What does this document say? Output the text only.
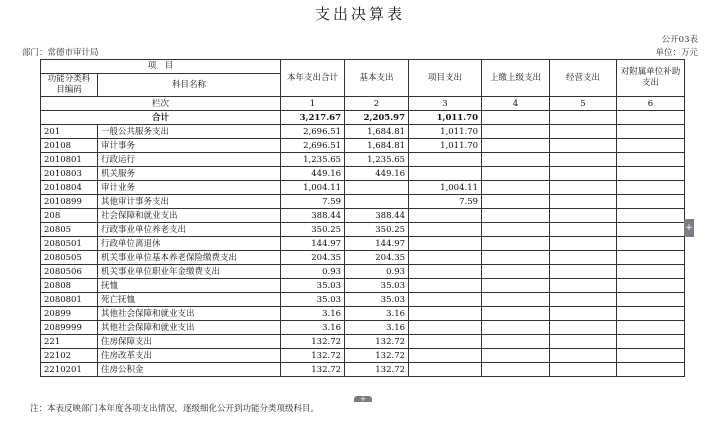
支出决算表
公开03表
部门：常德市审计局	单位：万元
项　目		本年支出合计	基本支出	项目支出	上缴上级支出	经营支出	对附属单位补助支出
功能分类科目编码	科目名称						
栏次		1	2	3	4	5	6
合计		3,217.67	2,205.97	1,011.70			
201	一般公共服务支出	2,696.51	1,684.81	1,011.70			
20108	审计事务	2,696.51	1,684.81	1,011.70			
2010801	行政运行	1,235.65	1,235.65				
2010803	机关服务	449.16	449.16				
2010804	审计业务	1,004.11		1,004.11			
2010899	其他审计事务支出	7.59		7.59			
208	社会保障和就业支出	388.44	388.44				
20805	行政事业单位养老支出	350.25	350.25				
2080501	行政单位离退休	144.97	144.97				
2080505	机关事业单位基本养老保险缴费支出	204.35	204.35				
2080506	机关事业单位职业年金缴费支出	0.93	0.93				
20808	抚恤	35.03	35.03				
2080801	死亡抚恤	35.03	35.03				
20899	其他社会保障和就业支出	3.16	3.16				
2089999	其他社会保障和就业支出	3.16	3.16				
221	住房保障支出	132.72	132.72				
22102	住房改革支出	132.72	132.72				
2210201	住房公积金	132.72	132.72				
注：本表反映部门本年度各项支出情况，逐级细化公开到功能分类项级科目。
+
+
